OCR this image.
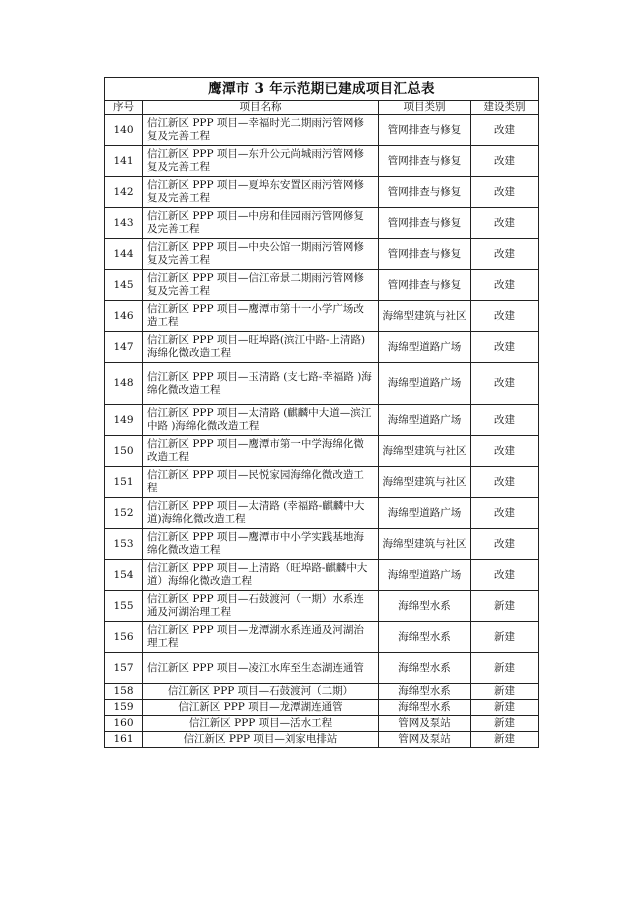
鹰潭市 3 年示范期已建成项目汇总表			
序号	项目名称	项目类别	建设类别
140	信江新区 PPP 项目—幸福时光二期雨污管网修复及完善工程	管网排查与修复	改建
141	信江新区 PPP 项目—东升公元尚城雨污管网修复及完善工程	管网排查与修复	改建
142	信江新区 PPP 项目—夏埠东安置区雨污管网修复及完善工程	管网排查与修复	改建
143	信江新区 PPP 项目—中房和佳园雨污管网修复及完善工程	管网排查与修复	改建
144	信江新区 PPP 项目—中央公馆一期雨污管网修复及完善工程	管网排查与修复	改建
145	信江新区 PPP 项目—信江帝景二期雨污管网修复及完善工程	管网排查与修复	改建
146	信江新区 PPP 项目—鹰潭市第十一小学广场改造工程	海绵型建筑与社区	改建
147	信江新区 PPP 项目—旺埠路(滨江中路-上清路)海绵化微改造工程	海绵型道路广场	改建
148	信江新区 PPP 项目—玉清路 (支七路-幸福路 )海绵化微改造工程	海绵型道路广场	改建
149	信江新区 PPP 项目—太清路 (麒麟中大道—滨江中路 )海绵化微改造工程	海绵型道路广场	改建
150	信江新区 PPP 项目—鹰潭市第一中学海绵化微改造工程	海绵型建筑与社区	改建
151	信江新区 PPP 项目—民悦家园海绵化微改造工程	海绵型建筑与社区	改建
152	信江新区 PPP 项目—太清路 (幸福路-麒麟中大道)海绵化微改造工程	海绵型道路广场	改建
153	信江新区 PPP 项目—鹰潭市中小学实践基地海绵化微改造工程	海绵型建筑与社区	改建
154	信江新区 PPP 项目—上清路（旺埠路-麒麟中大道）海绵化微改造工程	海绵型道路广场	改建
155	信江新区 PPP 项目—石鼓渡河（一期）水系连通及河湖治理工程	海绵型水系	新建
156	信江新区 PPP 项目—龙潭湖水系连通及河湖治理工程	海绵型水系	新建
157	信江新区 PPP 项目—凌江水库至生态湖连通管	海绵型水系	新建
158	信江新区 PPP 项目—石鼓渡河（二期）	海绵型水系	新建
159	信江新区 PPP 项目—龙潭湖连通管	海绵型水系	新建
160	信江新区 PPP 项目—活水工程	管网及泵站	新建
161	信江新区 PPP 项目—刘家电排站	管网及泵站	新建
